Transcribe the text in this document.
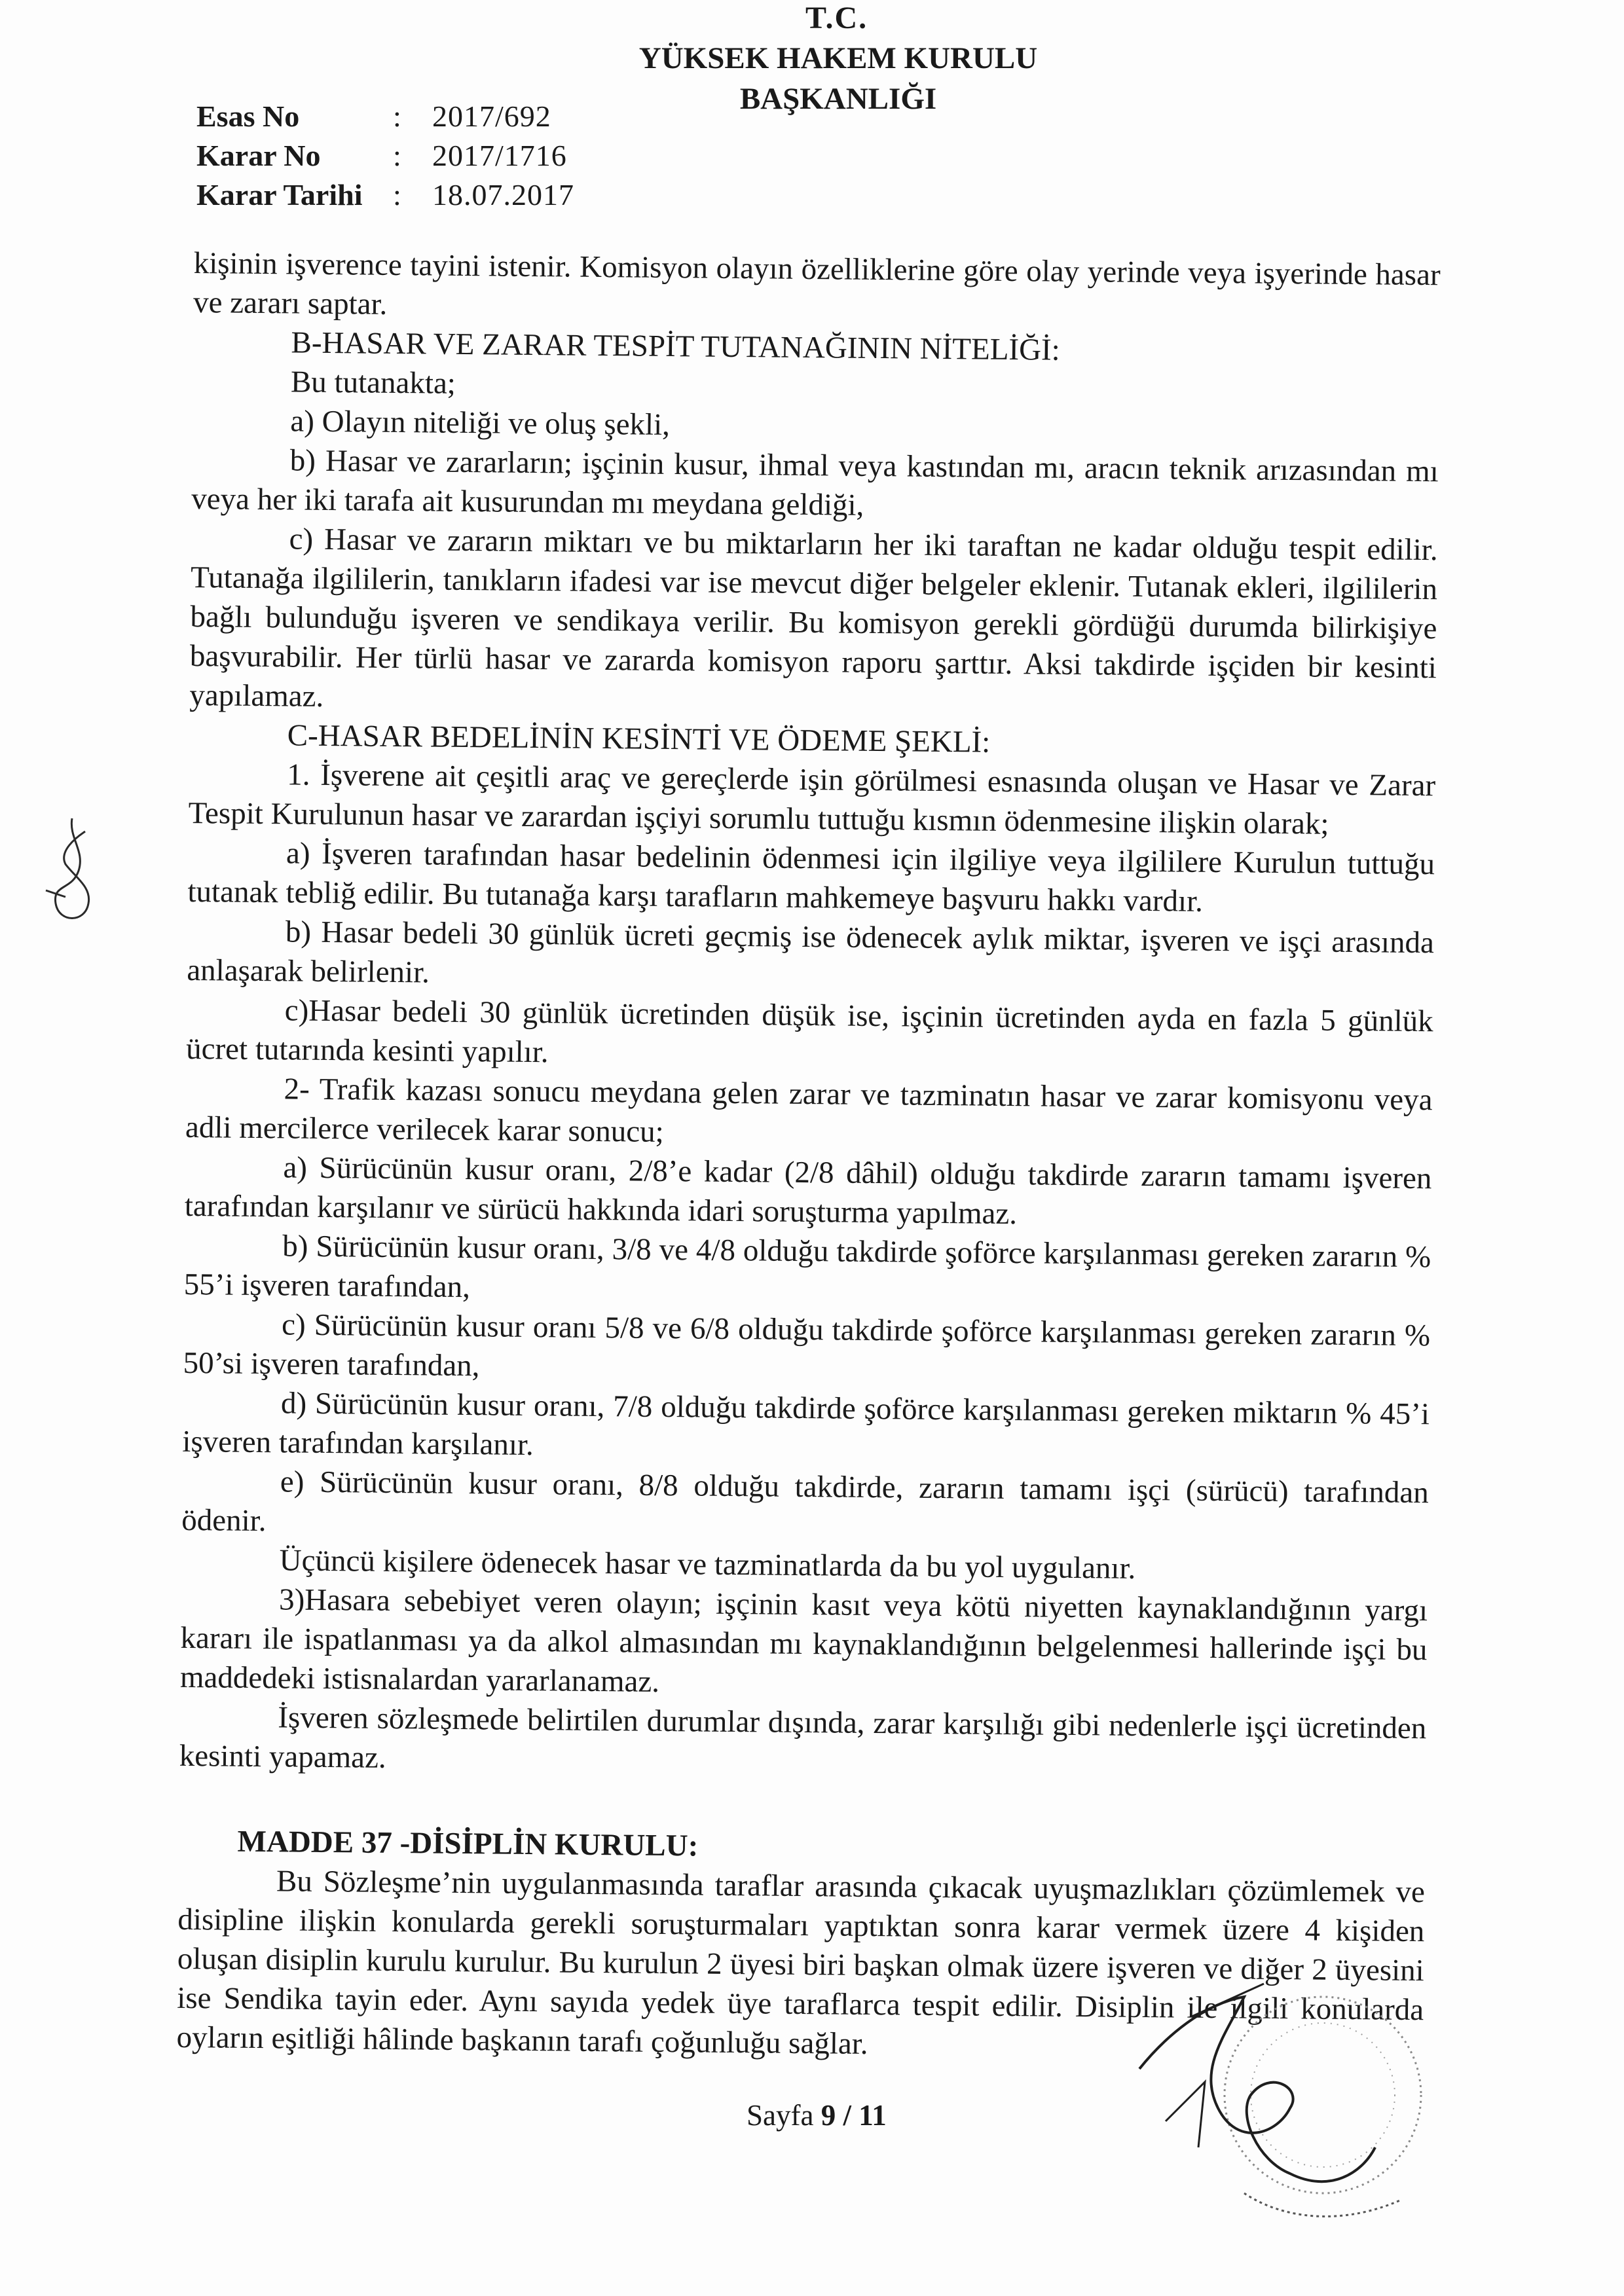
T.C.
YÜKSEK HAKEM KURULU
BAŞKANLIĞI
Esas No	:	2017/692
Karar No	:	2017/1716
Karar Tarihi	:	18.07.2017

kişinin işverence tayini istenir. Komisyon olayın özelliklerine göre olay yerinde veya işyerinde hasar ve zararı saptar.

B-HASAR VE ZARAR TESPİT TUTANAĞININ NİTELİĞİ:

Bu tutanakta;

a) Olayın niteliği ve oluş şekli,

b) Hasar ve zararların; işçinin kusur, ihmal veya kastından mı, aracın teknik arızasından mı veya her iki tarafa ait kusurundan mı meydana geldiği,

c) Hasar ve zararın miktarı ve bu miktarların her iki taraftan ne kadar olduğu tespit edilir. Tutanağa ilgililerin, tanıkların ifadesi var ise mevcut diğer belgeler eklenir. Tutanak ekleri, ilgililerin bağlı bulunduğu işveren ve sendikaya verilir. Bu komisyon gerekli gördüğü durumda bilirkişiye başvurabilir. Her türlü hasar ve zararda komisyon raporu şarttır. Aksi takdirde işçiden bir kesinti yapılamaz.

C-HASAR BEDELİNİN KESİNTİ VE ÖDEME ŞEKLİ:

1. İşverene ait çeşitli araç ve gereçlerde işin görülmesi esnasında oluşan ve Hasar ve Zarar Tespit Kurulunun hasar ve zarardan işçiyi sorumlu tuttuğu kısmın ödenmesine ilişkin olarak;

a) İşveren tarafından hasar bedelinin ödenmesi için ilgiliye veya ilgililere Kurulun tuttuğu tutanak tebliğ edilir. Bu tutanağa karşı tarafların mahkemeye başvuru hakkı vardır.

b) Hasar bedeli 30 günlük ücreti geçmiş ise ödenecek aylık miktar, işveren ve işçi arasında anlaşarak belirlenir.

c)Hasar bedeli 30 günlük ücretinden düşük ise, işçinin ücretinden ayda en fazla 5 günlük ücret tutarında kesinti yapılır.

2- Trafik kazası sonucu meydana gelen zarar ve tazminatın hasar ve zarar komisyonu veya adli mercilerce verilecek karar sonucu;

a) Sürücünün kusur oranı, 2/8’e kadar (2/8 dâhil) olduğu takdirde zararın tamamı işveren tarafından karşılanır ve sürücü hakkında idari soruşturma yapılmaz.

b) Sürücünün kusur oranı, 3/8 ve 4/8 olduğu takdirde şoförce karşılanması gereken zararın % 55’i işveren tarafından,

c) Sürücünün kusur oranı 5/8 ve 6/8 olduğu takdirde şoförce karşılanması gereken zararın % 50’si işveren tarafından,

d) Sürücünün kusur oranı, 7/8 olduğu takdirde şoförce karşılanması gereken miktarın % 45’i işveren tarafından karşılanır.

e) Sürücünün kusur oranı, 8/8 olduğu takdirde, zararın tamamı işçi (sürücü) tarafından ödenir.

Üçüncü kişilere ödenecek hasar ve tazminatlarda da bu yol uygulanır.

3)Hasara sebebiyet veren olayın; işçinin kasıt veya kötü niyetten kaynaklandığının yargı kararı ile ispatlanması ya da alkol almasından mı kaynaklandığının belgelenmesi hallerinde işçi bu maddedeki istisnalardan yararlanamaz.

İşveren sözleşmede belirtilen durumlar dışında, zarar karşılığı gibi nedenlerle işçi ücretinden kesinti yapamaz.

MADDE 37 -DİSİPLİN KURULU:

Bu Sözleşme’nin uygulanmasında taraflar arasında çıkacak uyuşmazlıkları çözümlemek ve disipline ilişkin konularda gerekli soruşturmaları yaptıktan sonra karar vermek üzere 4 kişiden oluşan disiplin kurulu kurulur. Bu kurulun 2 üyesi biri başkan olmak üzere işveren ve diğer 2 üyesini ise Sendika tayin eder. Aynı sayıda yedek üye taraflarca tespit edilir. Disiplin ile ilgili konularda oyların eşitliği hâlinde başkanın tarafı çoğunluğu sağlar.

Sayfa 9 / 11
